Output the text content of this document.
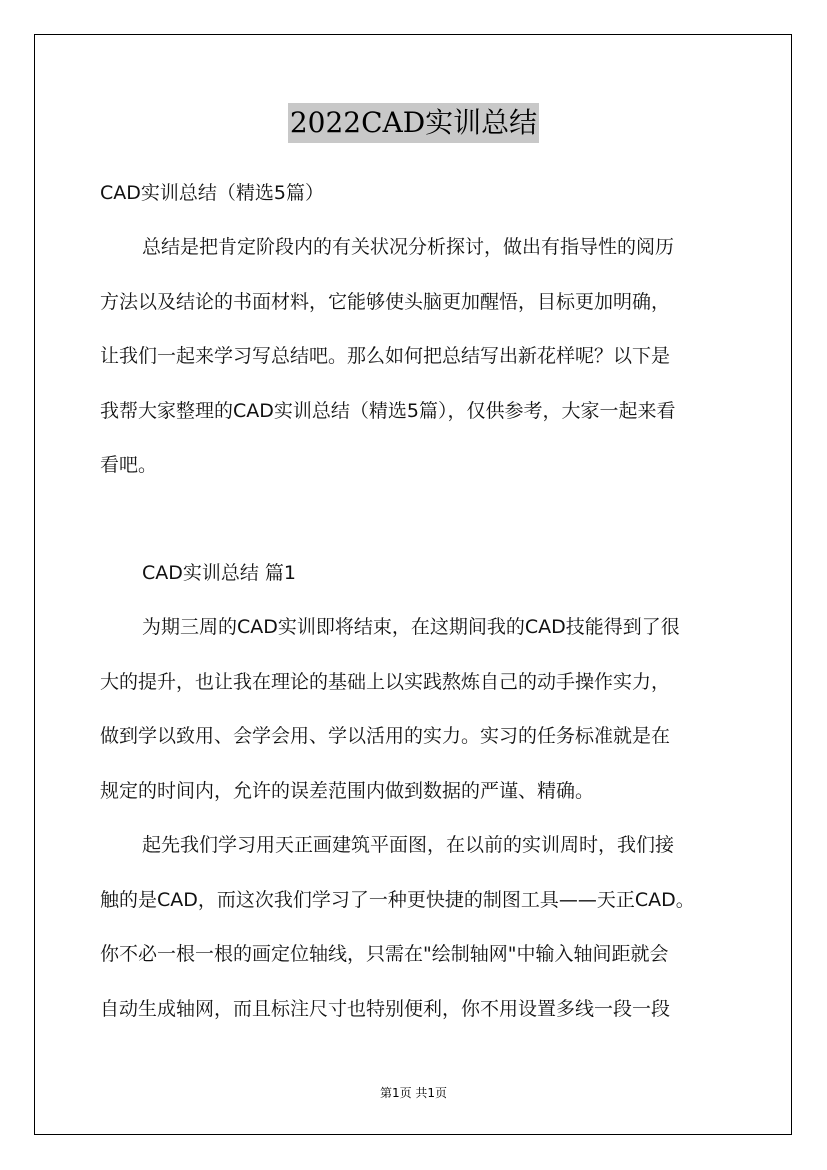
2022CAD实训总结
CAD实训总结（精选5篇）
总结是把肯定阶段内的有关状况分析探讨，做出有指导性的阅历
方法以及结论的书面材料，它能够使头脑更加醒悟，目标更加明确，
让我们一起来学习写总结吧。那么如何把总结写出新花样呢？以下是
我帮大家整理的CAD实训总结（精选5篇），仅供参考，大家一起来看
看吧。
CAD实训总结 篇1
为期三周的CAD实训即将结束，在这期间我的CAD技能得到了很
大的提升，也让我在理论的基础上以实践熬炼自己的动手操作实力，
做到学以致用、会学会用、学以活用的实力。实习的任务标准就是在
规定的时间内，允许的误差范围内做到数据的严谨、精确。
起先我们学习用天正画建筑平面图，在以前的实训周时，我们接
触的是CAD，而这次我们学习了一种更快捷的制图工具——天正CAD。
你不必一根一根的画定位轴线，只需在"绘制轴网"中输入轴间距就会
自动生成轴网，而且标注尺寸也特别便利，你不用设置多线一段一段
第1页 共1页
